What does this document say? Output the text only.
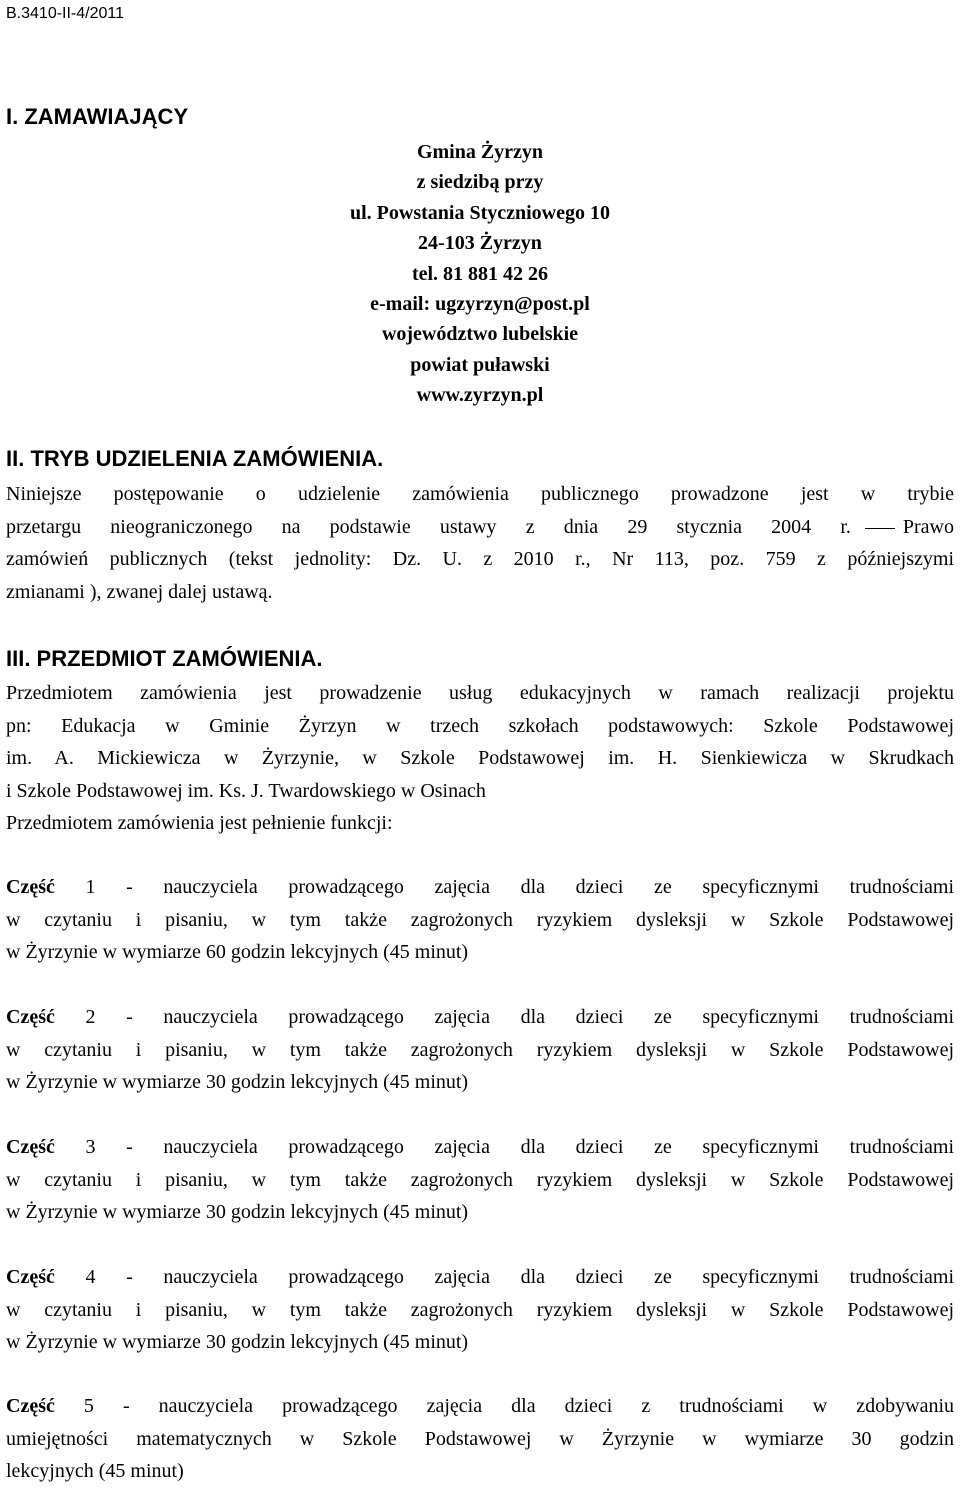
B.3410-II-4/2011
I. ZAMAWIAJĄCY
Gmina Żyrzyn
z siedzibą przy
ul. Powstania Styczniowego 10
24-103 Żyrzyn
tel. 81 881 42 26
e-mail: ugzyrzyn@post.pl
województwo lubelskie
powiat puławski
www.zyrzyn.pl
II. TRYB UDZIELENIA ZAMÓWIENIA.
Niniejsze postępowanie o udzielenie zamówienia publicznego prowadzone jest w trybie
przetargu nieograniczonego na podstawie ustawy z dnia 29 stycznia 2004 r.	Prawo
zamówień publicznych (tekst jednolity: Dz. U. z 2010 r., Nr 113, poz. 759 z późniejszymi
zmianami ), zwanej dalej ustawą.
III. PRZEDMIOT ZAMÓWIENIA.
Przedmiotem zamówienia jest prowadzenie usług edukacyjnych w ramach realizacji projektu
pn: Edukacja w Gminie Żyrzyn w trzech szkołach podstawowych: Szkole Podstawowej
im. A. Mickiewicza w Żyrzynie, w Szkole Podstawowej im. H. Sienkiewicza w Skrudkach
i Szkole Podstawowej im. Ks. J. Twardowskiego w Osinach
Przedmiotem zamówienia jest pełnienie funkcji:
Część 1 - nauczyciela prowadzącego zajęcia dla dzieci ze specyficznymi trudnościami
w czytaniu i pisaniu, w tym także zagrożonych ryzykiem dysleksji w Szkole Podstawowej
w Żyrzynie w wymiarze 60 godzin lekcyjnych (45 minut)
Część 2 - nauczyciela prowadzącego zajęcia dla dzieci ze specyficznymi trudnościami
w czytaniu i pisaniu, w tym także zagrożonych ryzykiem dysleksji w Szkole Podstawowej
w Żyrzynie w wymiarze 30 godzin lekcyjnych (45 minut)
Część 3 - nauczyciela prowadzącego zajęcia dla dzieci ze specyficznymi trudnościami
w czytaniu i pisaniu, w tym także zagrożonych ryzykiem dysleksji w Szkole Podstawowej
w Żyrzynie w wymiarze 30 godzin lekcyjnych (45 minut)
Część 4 - nauczyciela prowadzącego zajęcia dla dzieci ze specyficznymi trudnościami
w czytaniu i pisaniu, w tym także zagrożonych ryzykiem dysleksji w Szkole Podstawowej
w Żyrzynie w wymiarze 30 godzin lekcyjnych (45 minut)
Część 5 - nauczyciela prowadzącego zajęcia dla dzieci z trudnościami w zdobywaniu
umiejętności matematycznych w Szkole Podstawowej w Żyrzynie w wymiarze 30 godzin
lekcyjnych (45 minut)
